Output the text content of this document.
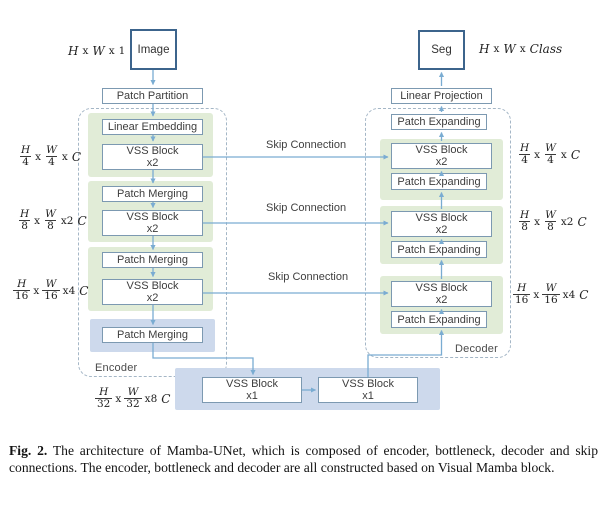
Image	Seg
Patch Partition
Linear Embedding
VSS Block
x2
Patch Merging
VSS Block
x2
Patch Merging
VSS Block
x2
Patch Merging
Linear Projection
Patch Expanding
VSS Block
x2
Patch Expanding
VSS Block
x2
Patch Expanding
VSS Block
x2
Patch Expanding
VSS Block
x1
VSS Block
x1
Encoder
Decoder
Skip Connection
Skip Connection
Skip Connection
H x W x 1	H x W x Class
$\frac{H}{4}$ x $\frac{W}{4}$ x C
$\frac{H}{8}$ x $\frac{W}{8} x2$ C
$\frac{H}{16}$ x $\frac{W}{16} x4$ C
$\frac{H}{32}$ x $\frac{W}{32} x8$ C
$\frac{H}{4}$ x $\frac{W}{4}$ x C
$\frac{H}{8}$ x $\frac{W}{8} x2$ C
$\frac{H}{16}$ x $\frac{W}{16} x4$ C
Fig. 2. The architecture of Mamba-UNet, which is composed of encoder, bottleneck, decoder and skip connections. The encoder, bottleneck and decoder are all constructed based on Visual Mamba block.
